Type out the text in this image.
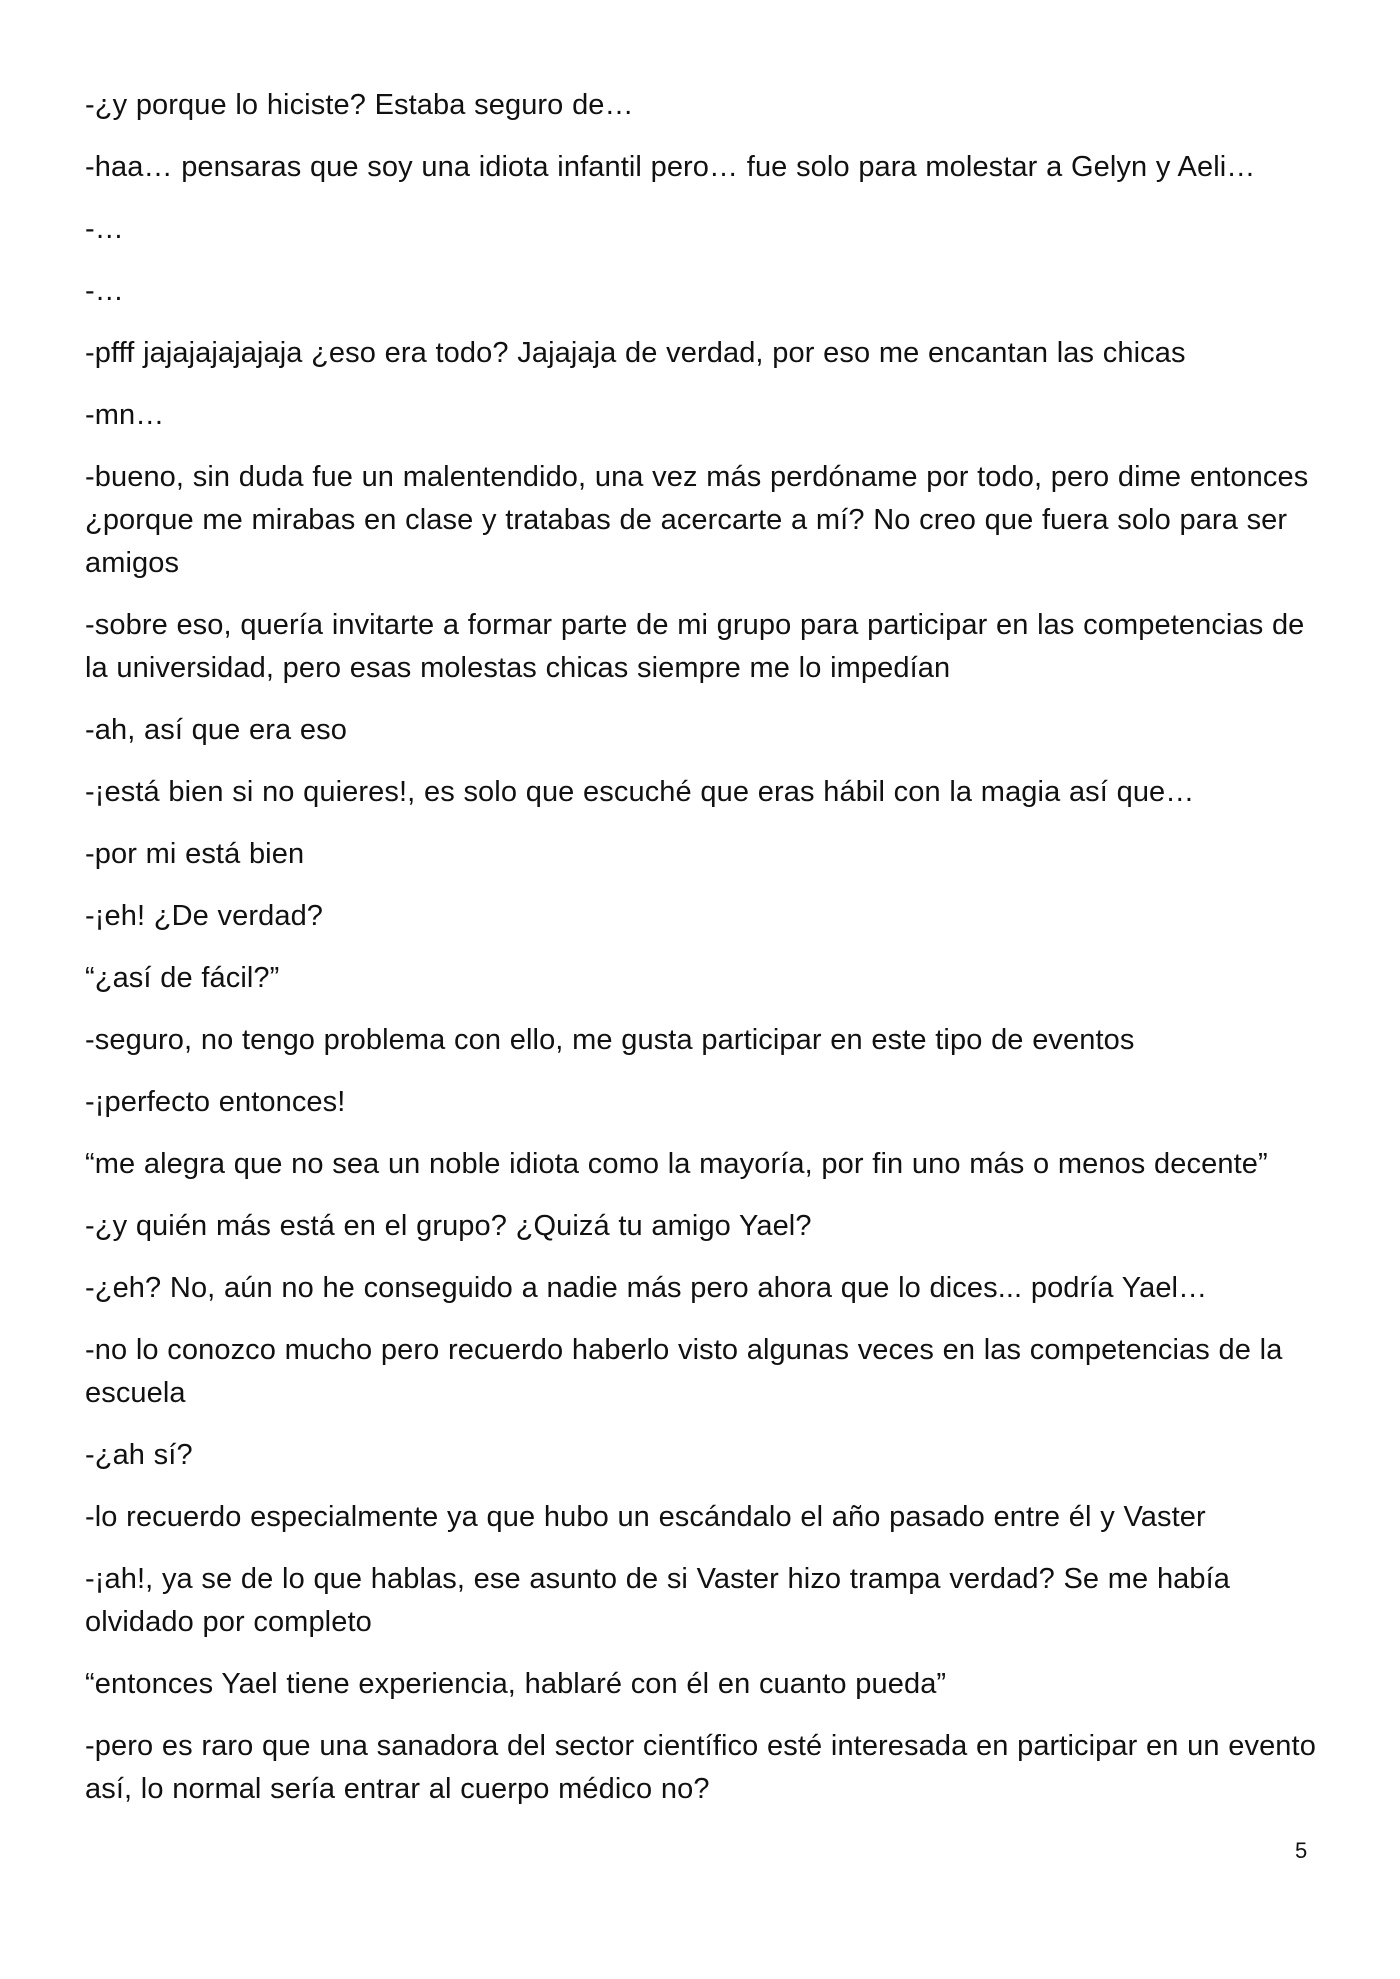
-¿y porque lo hiciste? Estaba seguro de…

-haa… pensaras que soy una idiota infantil pero… fue solo para molestar a Gelyn y Aeli…

-…

-…

-pfff jajajajajajaja ¿eso era todo? Jajajaja de verdad, por eso me encantan las chicas

-mn…

-bueno, sin duda fue un malentendido, una vez más perdóname por todo, pero dime entonces ¿porque me mirabas en clase y tratabas de acercarte a mí? No creo que fuera solo para ser amigos

-sobre eso, quería invitarte a formar parte de mi grupo para participar en las competencias de la universidad, pero esas molestas chicas siempre me lo impedían

-ah, así que era eso

-¡está bien si no quieres!, es solo que escuché que eras hábil con la magia así que…

-por mi está bien

-¡eh! ¿De verdad?

“¿así de fácil?”

-seguro, no tengo problema con ello, me gusta participar en este tipo de eventos

-¡perfecto entonces!

“me alegra que no sea un noble idiota como la mayoría, por fin uno más o menos decente”

-¿y quién más está en el grupo? ¿Quizá tu amigo Yael?

-¿eh? No, aún no he conseguido a nadie más pero ahora que lo dices... podría Yael…

-no lo conozco mucho pero recuerdo haberlo visto algunas veces en las competencias de la escuela

-¿ah sí?

-lo recuerdo especialmente ya que hubo un escándalo el año pasado entre él y Vaster

-¡ah!, ya se de lo que hablas, ese asunto de si Vaster hizo trampa verdad? Se me había olvidado por completo

“entonces Yael tiene experiencia, hablaré con él en cuanto pueda”

-pero es raro que una sanadora del sector científico esté interesada en participar en un evento así, lo normal sería entrar al cuerpo médico no?

5
